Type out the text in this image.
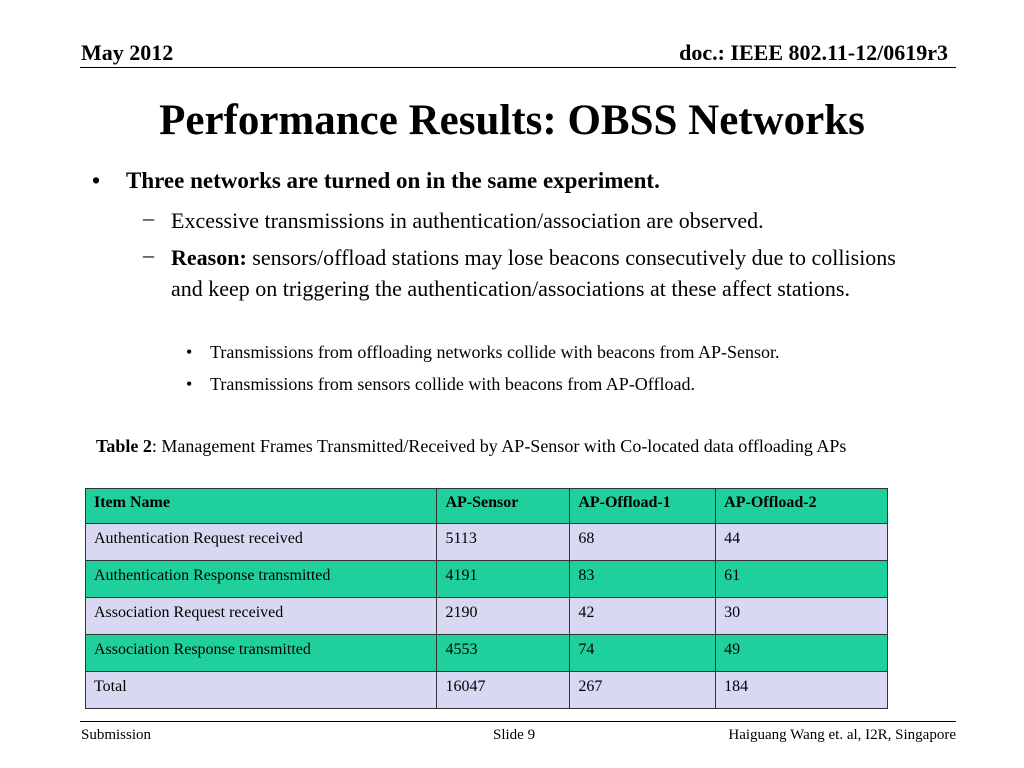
May 2012	doc.: IEEE 802.11-12/0619r3
Performance Results: OBSS Networks
• Three networks are turned on in the same experiment.
– Excessive transmissions in authentication/association are observed.
– Reason: sensors/offload stations may lose beacons consecutively due to collisions and keep on triggering the authentication/associations at these affect stations.
• Transmissions from offloading networks collide with beacons from AP-Sensor.
• Transmissions from sensors collide with beacons from AP-Offload.
Table 2: Management Frames Transmitted/Received by AP-Sensor with Co-located data offloading APs
Item Name	AP-Sensor	AP-Offload-1	AP-Offload-2
Authentication Request received	5113	68	44
Authentication Response transmitted	4191	83	61
Association Request received	2190	42	30
Association Response transmitted	4553	74	49
Total	16047	267	184
Submission	Slide 9	Haiguang Wang et. al, I2R, Singapore
